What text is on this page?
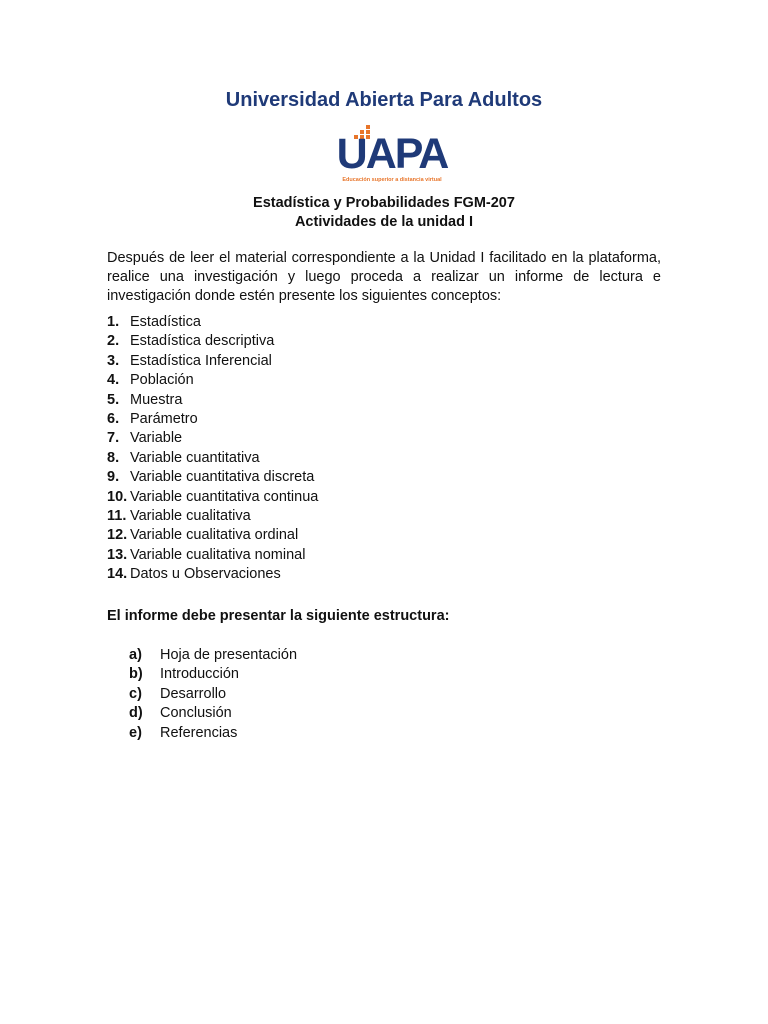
Universidad Abierta Para Adultos
UAPA
Educación superior a distancia virtual
Estadística y Probabilidades FGM-207
Actividades de la unidad I
Después de leer el material correspondiente a la Unidad I facilitado en la plataforma, realice una investigación y luego proceda a realizar un informe de lectura e investigación donde estén presente los siguientes conceptos:
1. Estadística
2. Estadística descriptiva
3. Estadística Inferencial
4. Población
5. Muestra
6. Parámetro
7. Variable
8. Variable cuantitativa
9. Variable cuantitativa discreta
10. Variable cuantitativa continua
11. Variable cualitativa
12. Variable cualitativa ordinal
13. Variable cualitativa nominal
14. Datos u Observaciones
El informe debe presentar la siguiente estructura:
a) Hoja de presentación
b) Introducción
c) Desarrollo
d) Conclusión
e) Referencias
